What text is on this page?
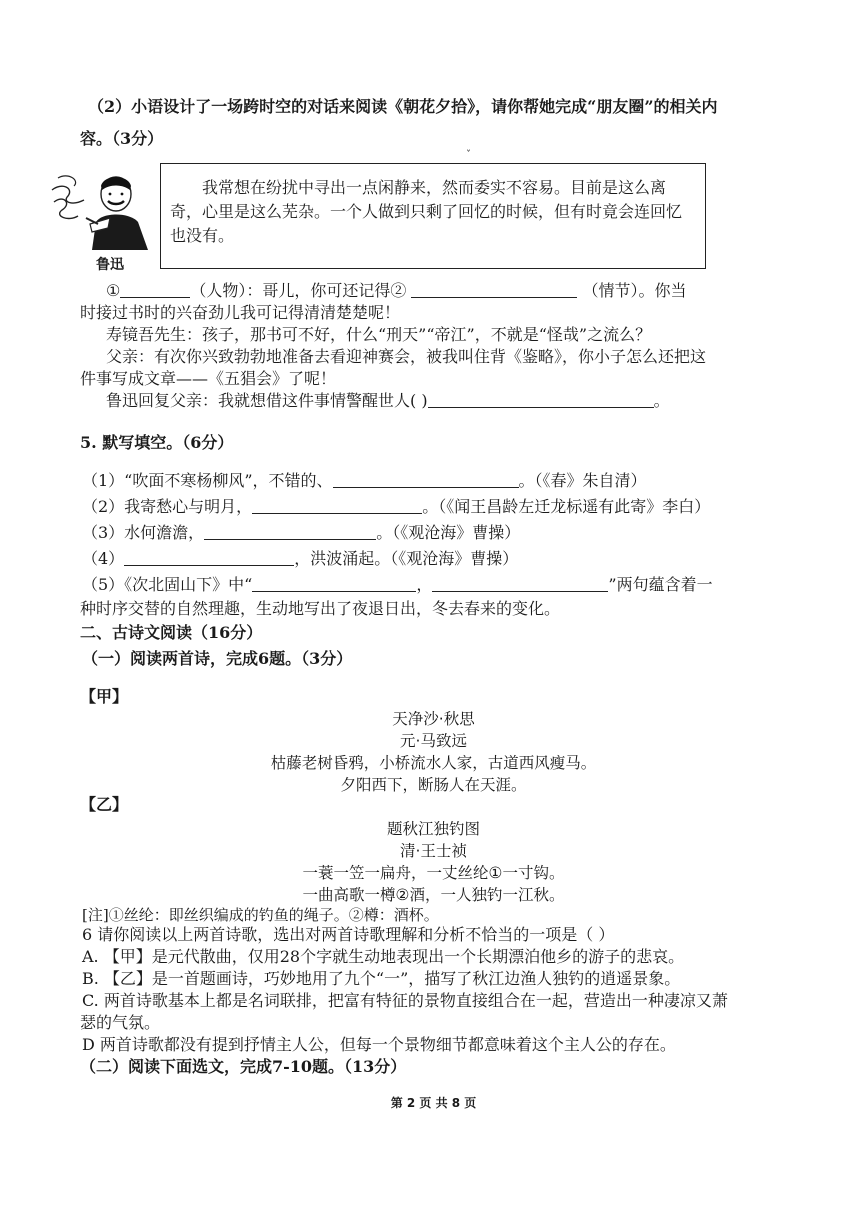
（2）小语设计了一场跨时空的对话来阅读《朝花夕拾》，请你帮她完成“朋友圈”的相关内
容。（3分）
ˇ
鲁迅
我常想在纷扰中寻出一点闲静来，然而委实不容易。目前是这么离奇，心里是这么芜杂。一个人做到只剩了回忆的时候，但有时竟会连回忆也没有。
①	（人物）：哥儿，你可还记得②	（情节）。你当
时接过书时的兴奋劲儿我可记得清清楚楚呢！
寿镜吾先生：孩子，那书可不好，什么“刑天”“帝江”，不就是“怪哉”之流么？
父亲：有次你兴致勃勃地准备去看迎神赛会，被我叫住背《鉴略》，你小子怎么还把这
件事写成文章——《五猖会》了呢！
鲁迅回复父亲：我就想借这件事情警醒世人( )	。
5. 默写填空。（6分）
（1）“吹面不寒杨柳风”，不错的、	。（《春》朱自清）
（2）我寄愁心与明月，	。（《闻王昌龄左迁龙标遥有此寄》李白）
（3）水何澹澹，	。（《观沧海》曹操）
（4）	，洪波涌起。（《观沧海》曹操）
（5）《次北固山下》中“	，	”两句蕴含着一
种时序交替的自然理趣，生动地写出了夜退日出，冬去春来的变化。
二、古诗文阅读（16分）
（一）阅读两首诗，完成6题。（3分）
【甲】
天净沙·秋思
元·马致远
枯藤老树昏鸦，小桥流水人家，古道西风瘦马。
夕阳西下，断肠人在天涯。
【乙】
题秋江独钓图
清·王士祯
一蓑一笠一扁舟，一丈丝纶①一寸钩。
一曲高歌一樽②酒，一人独钓一江秋。
[注]①丝纶：即丝织编成的钓鱼的绳子。②樽：酒杯。
6 请你阅读以上两首诗歌，选出对两首诗歌理解和分析不恰当的一项是（ ）
A. 【甲】是元代散曲，仅用28个字就生动地表现出一个长期漂泊他乡的游子的悲哀。
B. 【乙】是一首题画诗，巧妙地用了九个“一”，描写了秋江边渔人独钓的逍遥景象。
C. 两首诗歌基本上都是名词联排，把富有特征的景物直接组合在一起，营造出一种凄凉又萧
瑟的气氛。
D 两首诗歌都没有提到抒情主人公，但每一个景物细节都意味着这个主人公的存在。
（二）阅读下面选文，完成7-10题。（13分）
第 2 页 共 8 页
